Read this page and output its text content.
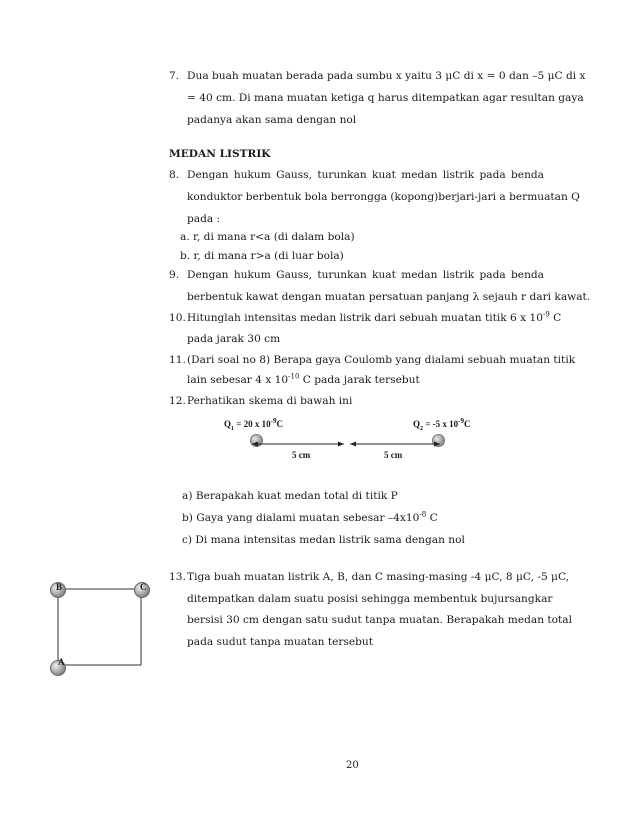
7. Dua buah muatan berada pada sumbu x yaitu 3 μC di x = 0 dan –5 μC di x
= 40 cm. Di mana muatan ketiga q harus ditempatkan agar resultan gaya
padanya akan sama dengan nol
MEDAN LISTRIK
8. Dengan hukum Gauss, turunkan kuat medan listrik pada benda
konduktor berbentuk bola berrongga (kopong)berjari-jari a bermuatan Q
pada :
a. r, di mana r<a (di dalam bola)
b. r, di mana r>a (di luar bola)
9. Dengan hukum Gauss, turunkan kuat medan listrik pada benda
berbentuk kawat dengan muatan persatuan panjang λ sejauh r dari kawat.
10. Hitunglah intensitas medan listrik dari sebuah muatan titik 6 x $10^{-9}$ C
pada jarak 30 cm
11. (Dari soal no 8) Berapa gaya Coulomb yang dialami sebuah muatan titik
lain sebesar 4 x $10^{-10}$ C pada jarak tersebut
12. Perhatikan skema di bawah ini
$Q_1 = 20$ x $10^{-9}C$	$Q_2 = -5$ x $10^{-9}C$
5 cm	5 cm
a) Berapakah kuat medan total di titik P
b) Gaya yang dialami muatan sebesar $-4x10^{-8}$ C
c) Di mana intensitas medan listrik sama dengan nol
B	C
A
13. Tiga buah muatan listrik A, B, dan C masing-masing -4 μC, 8 μC, -5 μC,
ditempatkan dalam suatu posisi sehingga membentuk bujursangkar
bersisi 30 cm dengan satu sudut tanpa muatan. Berapakah medan total
pada sudut tanpa muatan tersebut
20
